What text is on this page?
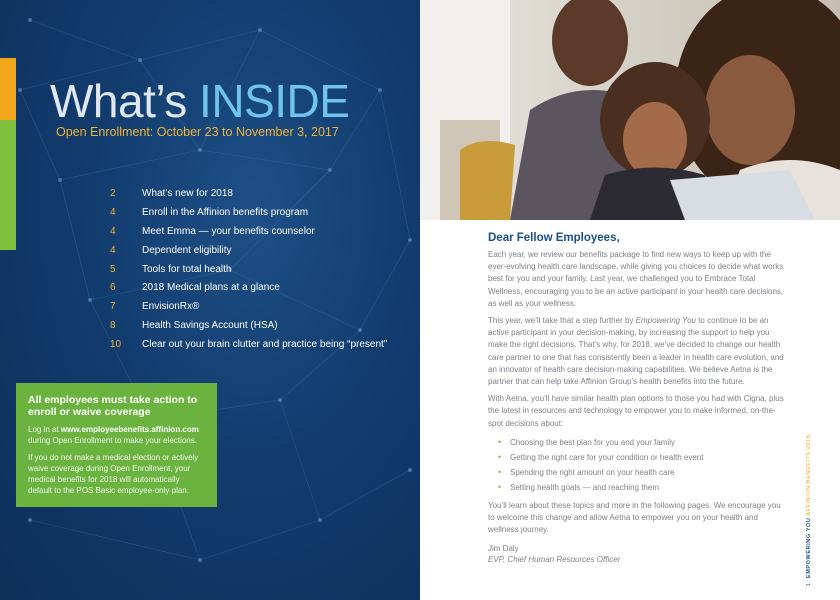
What’s INSIDE
Open Enrollment: October 23 to November 3, 2017
2	What’s new for 2018
4	Enroll in the Affinion benefits program
4	Meet Emma — your benefits counselor
4	Dependent eligibility
5	Tools for total health
6	2018 Medical plans at a glance
7	EnvisionRx®
8	Health Savings Account (HSA)
10	Clear out your brain clutter and practice being “present”
All employees must take action to enroll or waive coverage

Log in at www.employeebenefits.affinion.com during Open Enrollment to make your elections.

If you do not make a medical election or actively waive coverage during Open Enrollment, your medical benefits for 2018 will automatically default to the POS Basic employee-only plan.

Dear Fellow Employees,

Each year, we review our benefits package to find new ways to keep up with the ever-evolving health care landscape, while giving you choices to decide what works best for you and your family. Last year, we challenged you to Embrace Total Wellness, encouraging you to be an active participant in your health care decisions, as well as your wellness.

This year, we’ll take that a step further by Empowering You to continue to be an active participant in your decision-making, by increasing the support to help you make the right decisions. That’s why, for 2018, we’ve decided to change our health care partner to one that has consistently been a leader in health care evolution, and an innovator of health care decision-making capabilities. We believe Aetna is the partner that can help take Affinion Group’s health benefits into the future.

With Aetna, you’ll have similar health plan options to those you had with Cigna, plus the latest in resources and technology to empower you to make informed, on-the-spot decisions about:

•	Choosing the best plan for you and your family
•	Getting the right care for your condition or health event
•	Spending the right amount on your health care
•	Setting health goals — and reaching them

You’ll learn about these topics and more in the following pages. We encourage you to welcome this change and allow Aetna to empower you on your health and wellness journey.

Jim Daly
EVP, Chief Human Resources Officer
1  EMPOWERING YOU AFFINION BENEFITS 2018
